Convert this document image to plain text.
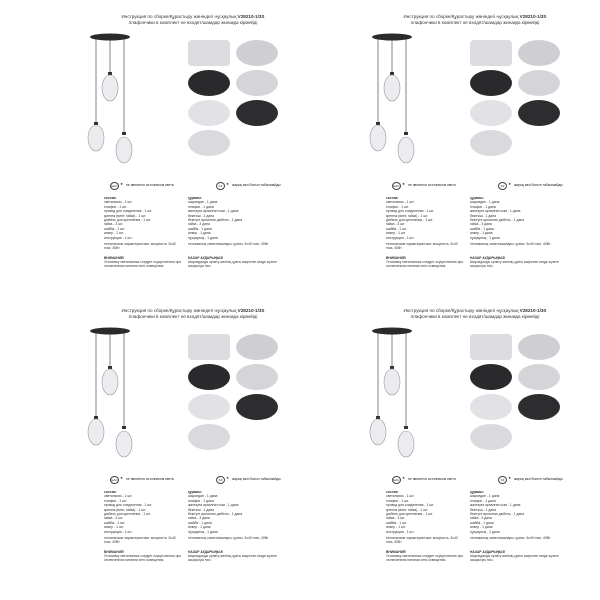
Инструкция по сборке/Құрастыру жөніндегі нұсқаулық V28210-1/3S
плафончики в комплект не входят/шамдар жинаққа кірмейді
EAC ★ не является источником света	KZ	★ жарық көзі болып табылмайды
состав:
светильник - 1 шт.
плафон - 1 шт.
провод для соединения - 1 шт.
крепеж (винт, гайка) - 1 шт.
дюбель для крепления - 1 шт.
гайка - 3 шт.
шайба - 1 шт.
анкер - 1 шт.
инструкция - 1 шт.
құрамы:
шырағдан - 1 дана
плафон - 1 дана
жалғауға арналған сым - 1 дана
бекіткіш - 1 дана
бекітуге арналған дюбель - 1 дана
гайка - 3 дана
шайба - 1 дана
анкер - 1 дана
нұсқаулық - 1 дана
технические характеристики: мощность: 3х40 max, 40Вт
техникалық сипаттамалары: қуаты: 3х40 max, 40Вт
ВНИМАНИЕ!
Установку светильника следует осуществлять при отключенном питании сети освещения.
НАЗАР АУДАРЫҢЫЗ!
Шырағданды орнату желінің қуаты өшірілген кезде жүзеге асырылуы тиіс.
Инструкция по сборке/Құрастыру жөніндегі нұсқаулық V28210-1/3S
плафончики в комплект не входят/шамдар жинаққа кірмейді
EAC ★ не является источником света	KZ	★ жарық көзі болып табылмайды
состав:
светильник - 1 шт.
плафон - 1 шт.
провод для соединения - 1 шт.
крепеж (винт, гайка) - 1 шт.
дюбель для крепления - 1 шт.
гайка - 3 шт.
шайба - 1 шт.
анкер - 1 шт.
инструкция - 1 шт.
құрамы:
шырағдан - 1 дана
плафон - 1 дана
жалғауға арналған сым - 1 дана
бекіткіш - 1 дана
бекітуге арналған дюбель - 1 дана
гайка - 3 дана
шайба - 1 дана
анкер - 1 дана
нұсқаулық - 1 дана
технические характеристики: мощность: 3х40 max, 40Вт
техникалық сипаттамалары: қуаты: 3х40 max, 40Вт
ВНИМАНИЕ!
Установку светильника следует осуществлять при отключенном питании сети освещения.
НАЗАР АУДАРЫҢЫЗ!
Шырағданды орнату желінің қуаты өшірілген кезде жүзеге асырылуы тиіс.
Инструкция по сборке/Құрастыру жөніндегі нұсқаулық V28210-1/3S
плафончики в комплект не входят/шамдар жинаққа кірмейді
EAC ★ не является источником света	KZ	★ жарық көзі болып табылмайды
состав:
светильник - 1 шт.
плафон - 1 шт.
провод для соединения - 1 шт.
крепеж (винт, гайка) - 1 шт.
дюбель для крепления - 1 шт.
гайка - 3 шт.
шайба - 1 шт.
анкер - 1 шт.
инструкция - 1 шт.
құрамы:
шырағдан - 1 дана
плафон - 1 дана
жалғауға арналған сым - 1 дана
бекіткіш - 1 дана
бекітуге арналған дюбель - 1 дана
гайка - 3 дана
шайба - 1 дана
анкер - 1 дана
нұсқаулық - 1 дана
технические характеристики: мощность: 3х40 max, 40Вт
техникалық сипаттамалары: қуаты: 3х40 max, 40Вт
ВНИМАНИЕ!
Установку светильника следует осуществлять при отключенном питании сети освещения.
НАЗАР АУДАРЫҢЫЗ!
Шырағданды орнату желінің қуаты өшірілген кезде жүзеге асырылуы тиіс.
Инструкция по сборке/Құрастыру жөніндегі нұсқаулық V28210-1/3S
плафончики в комплект не входят/шамдар жинаққа кірмейді
EAC ★ не является источником света	KZ	★ жарық көзі болып табылмайды
состав:
светильник - 1 шт.
плафон - 1 шт.
провод для соединения - 1 шт.
крепеж (винт, гайка) - 1 шт.
дюбель для крепления - 1 шт.
гайка - 3 шт.
шайба - 1 шт.
анкер - 1 шт.
инструкция - 1 шт.
құрамы:
шырағдан - 1 дана
плафон - 1 дана
жалғауға арналған сым - 1 дана
бекіткіш - 1 дана
бекітуге арналған дюбель - 1 дана
гайка - 3 дана
шайба - 1 дана
анкер - 1 дана
нұсқаулық - 1 дана
технические характеристики: мощность: 3х40 max, 40Вт
техникалық сипаттамалары: қуаты: 3х40 max, 40Вт
ВНИМАНИЕ!
Установку светильника следует осуществлять при отключенном питании сети освещения.
НАЗАР АУДАРЫҢЫЗ!
Шырағданды орнату желінің қуаты өшірілген кезде жүзеге асырылуы тиіс.
